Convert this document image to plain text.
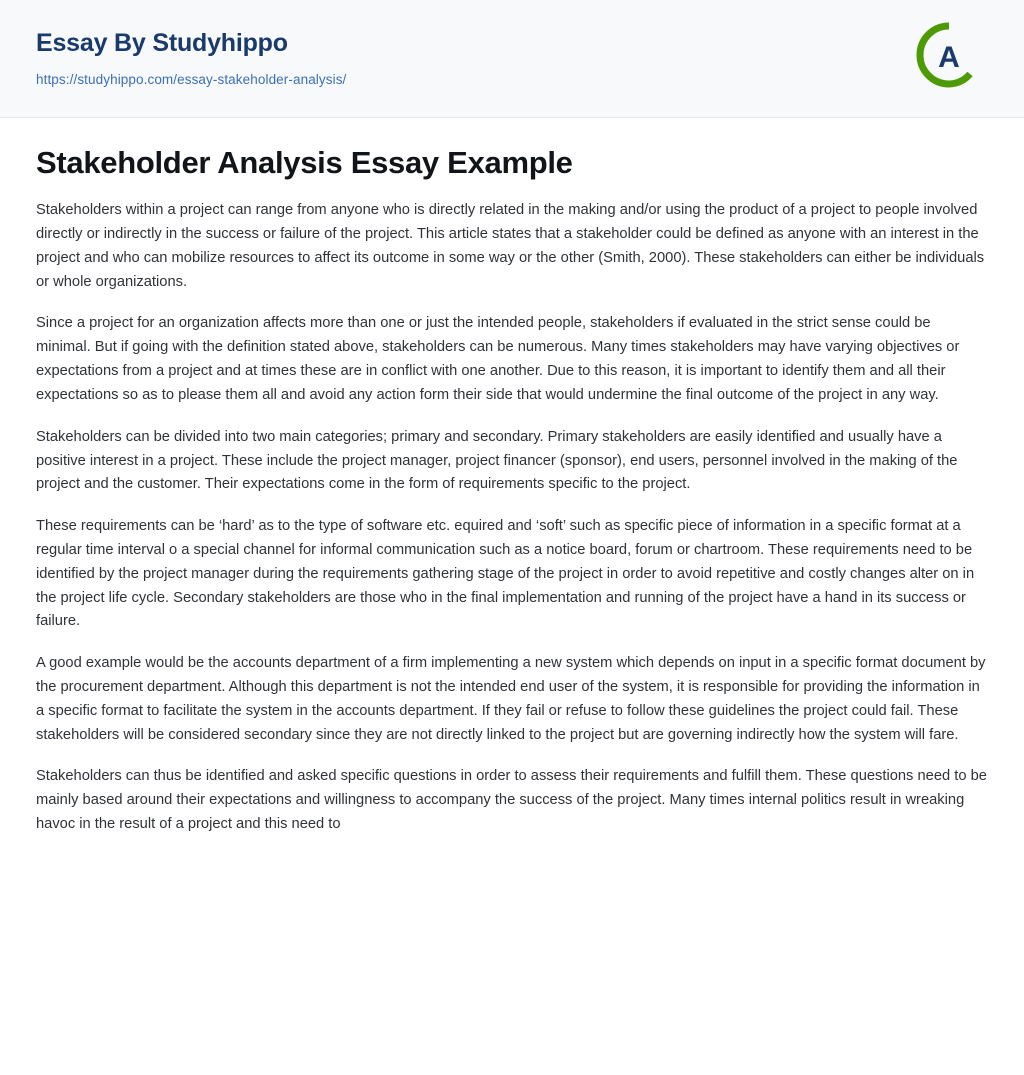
Essay By Studyhippo
https://studyhippo.com/essay-stakeholder-analysis/
A
Stakeholder Analysis Essay Example

Stakeholders within a project can range from anyone who is directly related in the making and/or using the product of a project to people involved directly or indirectly in the success or failure of the project. This article states that a stakeholder could be defined as anyone with an interest in the project and who can mobilize resources to affect its outcome in some way or the other (Smith, 2000). These stakeholders can either be individuals or whole organizations.

Since a project for an organization affects more than one or just the intended people, stakeholders if evaluated in the strict sense could be minimal. But if going with the definition stated above, stakeholders can be numerous. Many times stakeholders may have varying objectives or expectations from a project and at times these are in conflict with one another. Due to this reason, it is important to identify them and all their expectations so as to please them all and avoid any action form their side that would undermine the final outcome of the project in any way.

Stakeholders can be divided into two main categories; primary and secondary. Primary stakeholders are easily identified and usually have a positive interest in a project. These include the project manager, project financer (sponsor), end users, personnel involved in the making of the project and the customer. Their expectations come in the form of requirements specific to the project.

These requirements can be ‘hard’ as to the type of software etc. equired and ‘soft’ such as specific piece of information in a specific format at a regular time interval o a special channel for informal communication such as a notice board, forum or chartroom. These requirements need to be identified by the project manager during the requirements gathering stage of the project in order to avoid repetitive and costly changes alter on in the project life cycle. Secondary stakeholders are those who in the final implementation and running of the project have a hand in its success or failure.

A good example would be the accounts department of a firm implementing a new system which depends on input in a specific format document by the procurement department. Although this department is not the intended end user of the system, it is responsible for providing the information in a specific format to facilitate the system in the accounts department. If they fail or refuse to follow these guidelines the project could fail. These stakeholders will be considered secondary since they are not directly linked to the project but are governing indirectly how the system will fare.

Stakeholders can thus be identified and asked specific questions in order to assess their requirements and fulfill them. These questions need to be mainly based around their expectations and willingness to accompany the success of the project. Many times internal politics result in wreaking havoc in the result of a project and this need to
